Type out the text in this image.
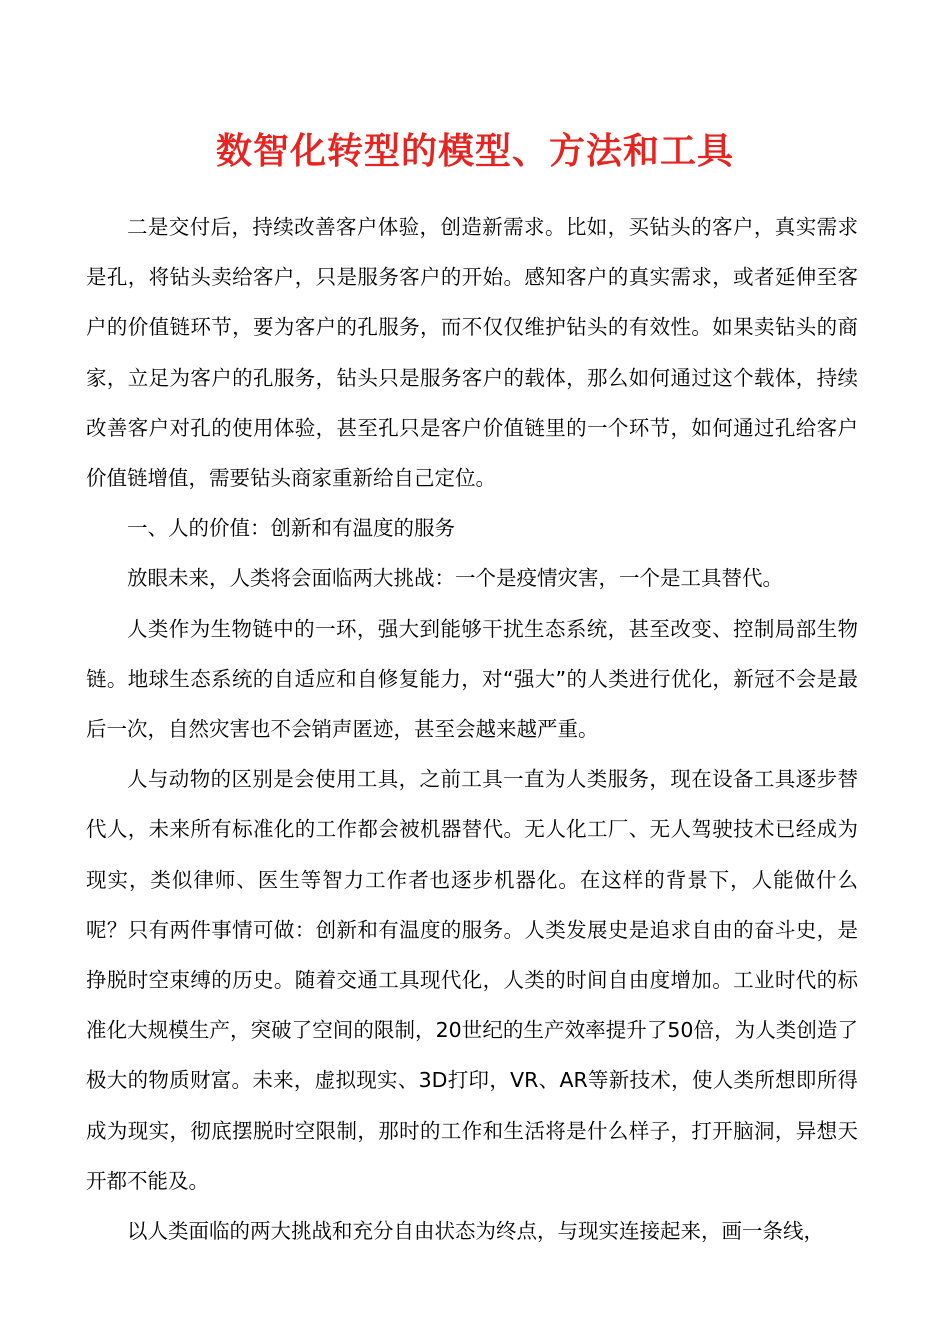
数智化转型的模型、方法和工具

二是交付后，持续改善客户体验，创造新需求。比如，买钻头的客户，真实需求是孔，将钻头卖给客户，只是服务客户的开始。感知客户的真实需求，或者延伸至客户的价值链环节，要为客户的孔服务，而不仅仅维护钻头的有效性。如果卖钻头的商家，立足为客户的孔服务，钻头只是服务客户的载体，那么如何通过这个载体，持续改善客户对孔的使用体验，甚至孔只是客户价值链里的一个环节，如何通过孔给客户价值链增值，需要钻头商家重新给自己定位。

一、人的价值：创新和有温度的服务

放眼未来，人类将会面临两大挑战：一个是疫情灾害，一个是工具替代。

人类作为生物链中的一环，强大到能够干扰生态系统，甚至改变、控制局部生物链。地球生态系统的自适应和自修复能力，对“强大”的人类进行优化，新冠不会是最后一次，自然灾害也不会销声匿迹，甚至会越来越严重。

人与动物的区别是会使用工具，之前工具一直为人类服务，现在设备工具逐步替代人，未来所有标准化的工作都会被机器替代。无人化工厂、无人驾驶技术已经成为现实，类似律师、医生等智力工作者也逐步机器化。在这样的背景下，人能做什么呢？只有两件事情可做：创新和有温度的服务。人类发展史是追求自由的奋斗史，是挣脱时空束缚的历史。随着交通工具现代化，人类的时间自由度增加。工业时代的标准化大规模生产，突破了空间的限制，20世纪的生产效率提升了50倍，为人类创造了极大的物质财富。未来，虚拟现实、3D打印，VR、AR等新技术，使人类所想即所得成为现实，彻底摆脱时空限制，那时的工作和生活将是什么样子，打开脑洞，异想天开都不能及。

以人类面临的两大挑战和充分自由状态为终点，与现实连接起来，画一条线，
